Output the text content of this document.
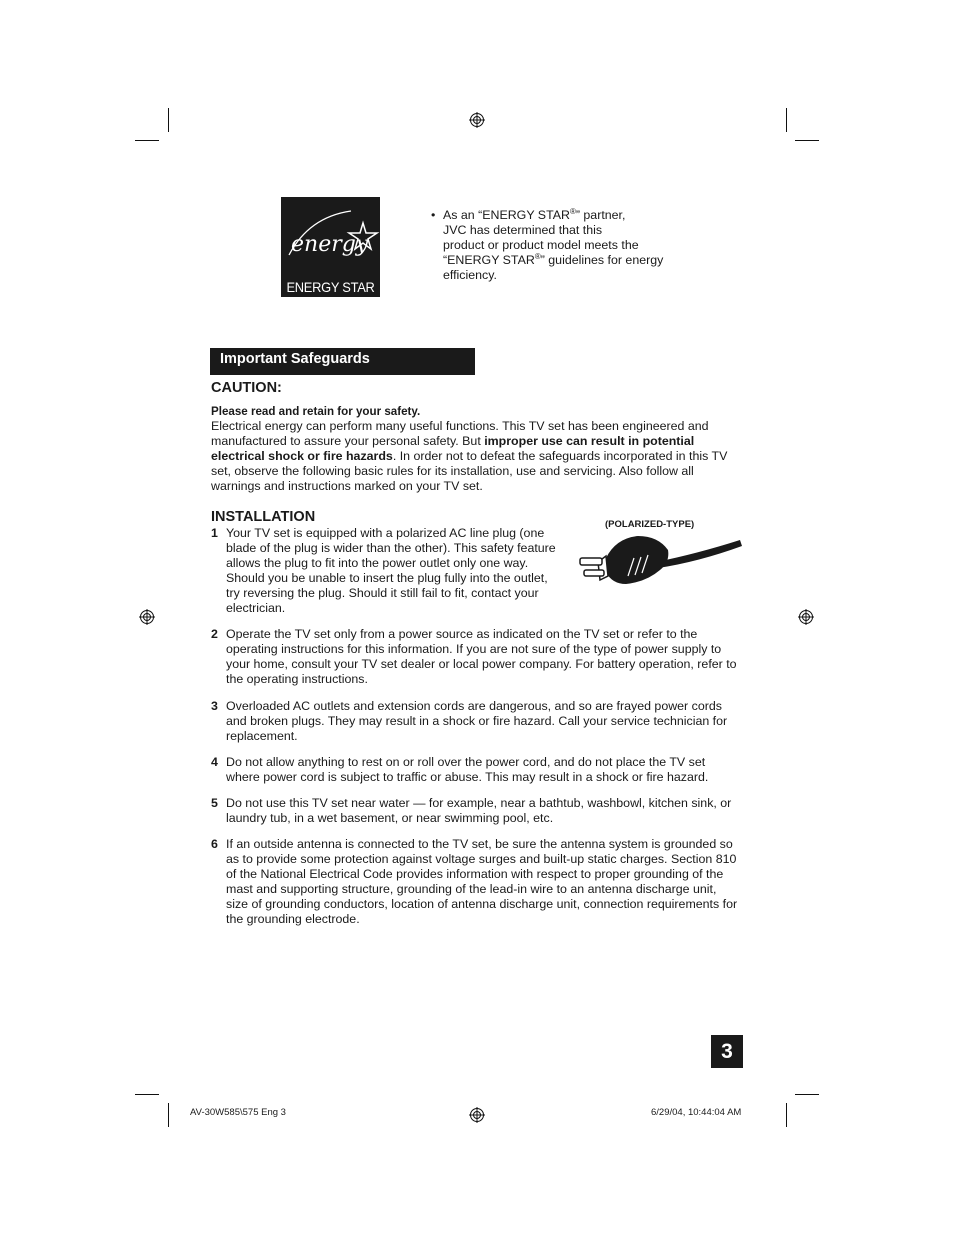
energy
ENERGY STAR
• As an “ENERGY STAR®” partner,
JVC has determined that this
product or product model meets the
“ENERGY STAR®” guidelines for energy
efficiency.
Important Safeguards
CAUTION:
Please read and retain for your safety.
Electrical energy can perform many useful functions. This TV set has been engineered and manufactured to assure your personal safety. But improper use can result in potential electrical shock or fire hazards. In order not to defeat the safeguards incorporated in this TV set, observe the following basic rules for its installation, use and servicing. Also follow all warnings and instructions marked on your TV set.
INSTALLATION	(POLARIZED-TYPE)
1 Your TV set is equipped with a polarized AC line plug (one blade of the plug is wider than the other). This safety feature allows the plug to fit into the power outlet only one way. Should you be unable to insert the plug fully into the outlet, try reversing the plug. Should it still fail to fit, contact your electrician.
2 Operate the TV set only from a power source as indicated on the TV set or refer to the operating instructions for this information. If you are not sure of the type of power supply to your home, consult your TV set dealer or local power company. For battery operation, refer to the operating instructions.
3 Overloaded AC outlets and extension cords are dangerous, and so are frayed power cords and broken plugs. They may result in a shock or fire hazard. Call your service technician for replacement.
4 Do not allow anything to rest on or roll over the power cord, and do not place the TV set where power cord is subject to traffic or abuse. This may result in a shock or fire hazard.
5 Do not use this TV set near water — for example, near a bathtub, washbowl, kitchen sink, or laundry tub, in a wet basement, or near swimming pool, etc.
6 If an outside antenna is connected to the TV set, be sure the antenna system is grounded so as to provide some protection against voltage surges and built-up static charges. Section 810 of the National Electrical Code provides information with respect to proper grounding of the mast and supporting structure, grounding of the lead-in wire to an antenna discharge unit, size of grounding conductors, location of antenna discharge unit, connection requirements for the grounding electrode.
3
AV-30W585\575 Eng 3	6/29/04, 10:44:04 AM
